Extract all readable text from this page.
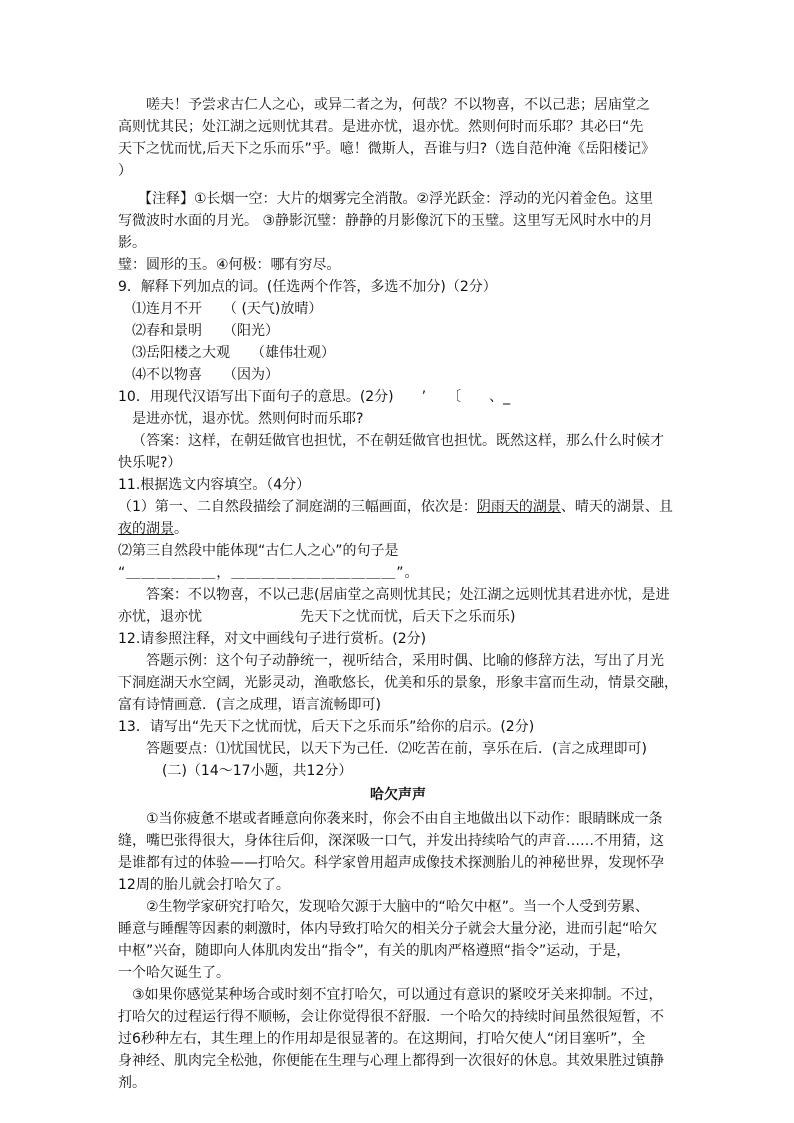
嗟夫！予尝求古仁人之心，或异二者之为，何哉？不以物喜，不以己悲；居庙堂之

高则忧其民；处江湖之远则忧其君。是进亦忧，退亦忧。然则何时而乐耶？其必曰“先

天下之忧而忧,后天下之乐而乐”乎。噫！微斯人，吾谁与归?（选自范仲淹《岳阳楼记》

）

【注释】①长烟一空：大片的烟雾完全消散。②浮光跃金：浮动的光闪着金色。这里

写微波时水面的月光。 ③静影沉璧：静静的月影像沉下的玉璧。这里写无风时水中的月影。

璧：圆形的玉。④何极：哪有穷尽。

9．解释下列加点的词。(任选两个作答，多选不加分)（2分）

⑴连月不开　　（ (天气)放晴）

⑵春和景明　　（阳光）

⑶岳阳楼之大观　　（雄伟壮观）

⑷不以物喜　　（因为）

10．用现代汉语写出下面句子的意思。(2分)　　’　　〔　　、_

是进亦忧，退亦忧。然则何时而乐耶?

（答案：这样，在朝廷做官也担忧，不在朝廷做官也担忧。既然这样，那么什么时候才

快乐呢?）

11.根据选文内容填空。（4分）

（1）第一、二自然段描绘了洞庭湖的三幅画面，依次是：阴雨天的湖景、晴天的湖景、且

夜的湖景。

⑵第三自然段中能体现“古仁人之心”的句子是

“＿＿＿＿＿＿，＿＿＿＿＿＿＿＿＿＿＿”。

答案：不以物喜，不以己悲(居庙堂之高则忧其民；处江湖之远则忧其君进亦忧，是进

亦忧，退亦忧　　　　　　　先天下之忧而忧，后天下之乐而乐)

12.请参照注释，对文中画线句子进行赏析。(2分)

答题示例：这个句子动静统一，视听结合，采用时偶、比喻的修辞方法，写出了月光

下洞庭湖天水空阔，光影灵动，渔歌悠长，优美和乐的景象，形象丰富而生动，情景交融，

富有诗情画意．(言之成理，语言流畅即可)

13．请写出“先天下之忧而忧，后天下之乐而乐”给你的启示。(2分)

答题要点：⑴忧国忧民，以天下为己任．⑵吃苦在前，享乐在后．(言之成理即可)

(二)（14～17小题，共12分）

哈欠声声

①当你疲惫不堪或者睡意向你袭来时，你会不由自主地做出以下动作：眼睛眯成一条

缝，嘴巴张得很大，身体往后仰，深深吸一口气，并发出持续哈气的声音……不用猜，这

是谁都有过的体验——打哈欠。科学家曾用超声成像技术探测胎儿的神秘世界，发现怀孕

12周的胎儿就会打哈欠了。

②生物学家研究打哈欠，发现哈欠源于大脑中的“哈欠中枢”。当一个人受到劳累、

睡意与睡醒等因素的刺激时，体内导致打哈欠的相关分子就会大量分泌，进而引起“哈欠

中枢”兴奋，随即向人体肌肉发出“指令”，有关的肌肉严格遵照“指令”运动，于是，

一个哈欠诞生了。

③如果你感觉某种场合或时刻不宜打哈欠，可以通过有意识的紧咬牙关来抑制。不过，

打哈欠的过程运行得不顺畅，会让你觉得很不舒服．一个哈欠的持续时间虽然很短暂，不

过6秒种左右，其生理上的作用却是很显著的。在这期间，打哈欠使人“闭目塞听”，全

身神经、肌肉完全松弛，你便能在生理与心理上都得到一次很好的休息。其效果胜过镇静

剂。
